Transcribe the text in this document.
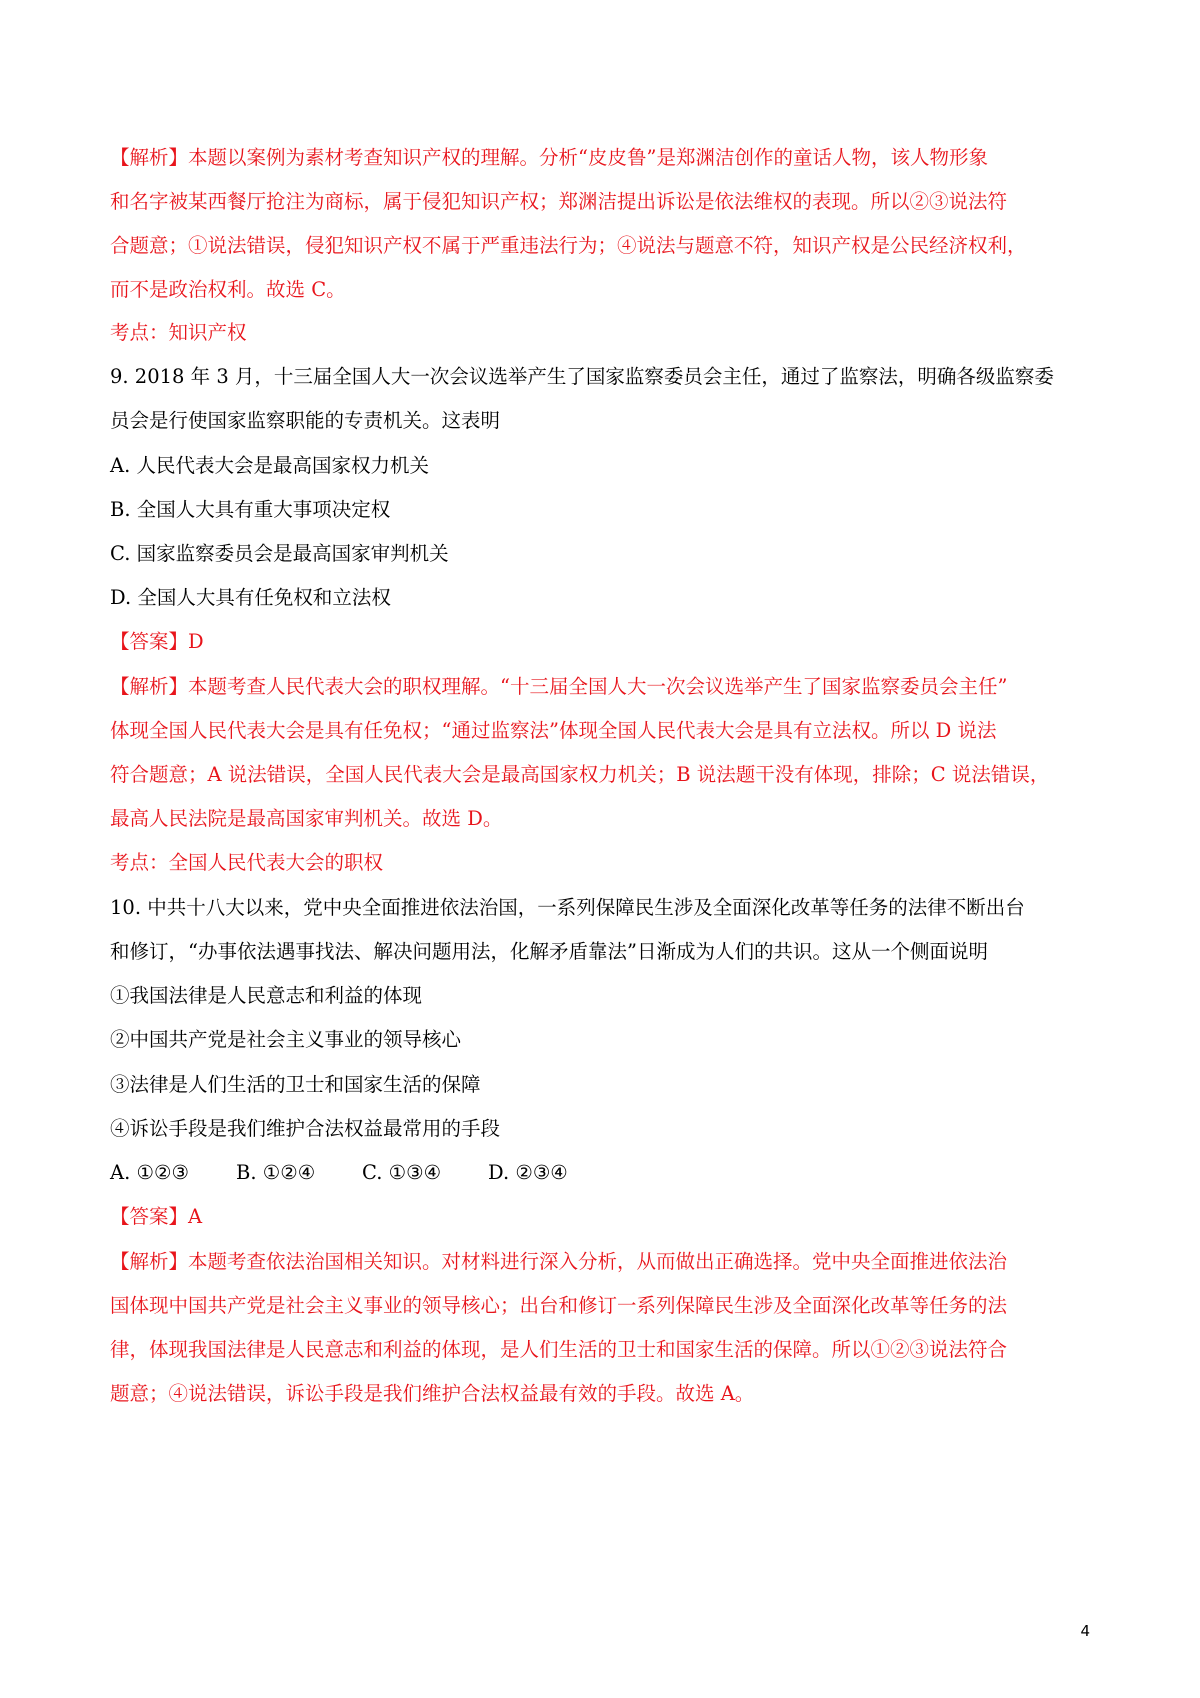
【解析】本题以案例为素材考查知识产权的理解。分析“皮皮鲁”是郑渊洁创作的童话人物，该人物形象
和名字被某西餐厅抢注为商标，属于侵犯知识产权；郑渊洁提出诉讼是依法维权的表现。所以②③说法符
合题意；①说法错误，侵犯知识产权不属于严重违法行为；④说法与题意不符，知识产权是公民经济权利，
而不是政治权利。故选 C。
考点：知识产权
9. 2018 年 3 月，十三届全国人大一次会议选举产生了国家监察委员会主任，通过了监察法，明确各级监察委
员会是行使国家监察职能的专责机关。这表明
A. 人民代表大会是最高国家权力机关
B. 全国人大具有重大事项决定权
C. 国家监察委员会是最高国家审判机关
D. 全国人大具有任免权和立法权
【答案】D
【解析】本题考查人民代表大会的职权理解。“十三届全国人大一次会议选举产生了国家监察委员会主任”
体现全国人民代表大会是具有任免权；“通过监察法”体现全国人民代表大会是具有立法权。所以 D 说法
符合题意；A 说法错误，全国人民代表大会是最高国家权力机关；B 说法题干没有体现，排除；C 说法错误，
最高人民法院是最高国家审判机关。故选 D。
考点：全国人民代表大会的职权
10. 中共十八大以来，党中央全面推进依法治国，一系列保障民生涉及全面深化改革等任务的法律不断出台
和修订，“办事依法遇事找法、解决问题用法，化解矛盾靠法”日渐成为人们的共识。这从一个侧面说明
①我国法律是人民意志和利益的体现
②中国共产党是社会主义事业的领导核心
③法律是人们生活的卫士和国家生活的保障
④诉讼手段是我们维护合法权益最常用的手段
A. ①②③ B. ①②④ C. ①③④ D. ②③④
【答案】A
【解析】本题考查依法治国相关知识。对材料进行深入分析，从而做出正确选择。党中央全面推进依法治
国体现中国共产党是社会主义事业的领导核心；出台和修订一系列保障民生涉及全面深化改革等任务的法
律，体现我国法律是人民意志和利益的体现，是人们生活的卫士和国家生活的保障。所以①②③说法符合
题意；④说法错误，诉讼手段是我们维护合法权益最有效的手段。故选 A。
4
